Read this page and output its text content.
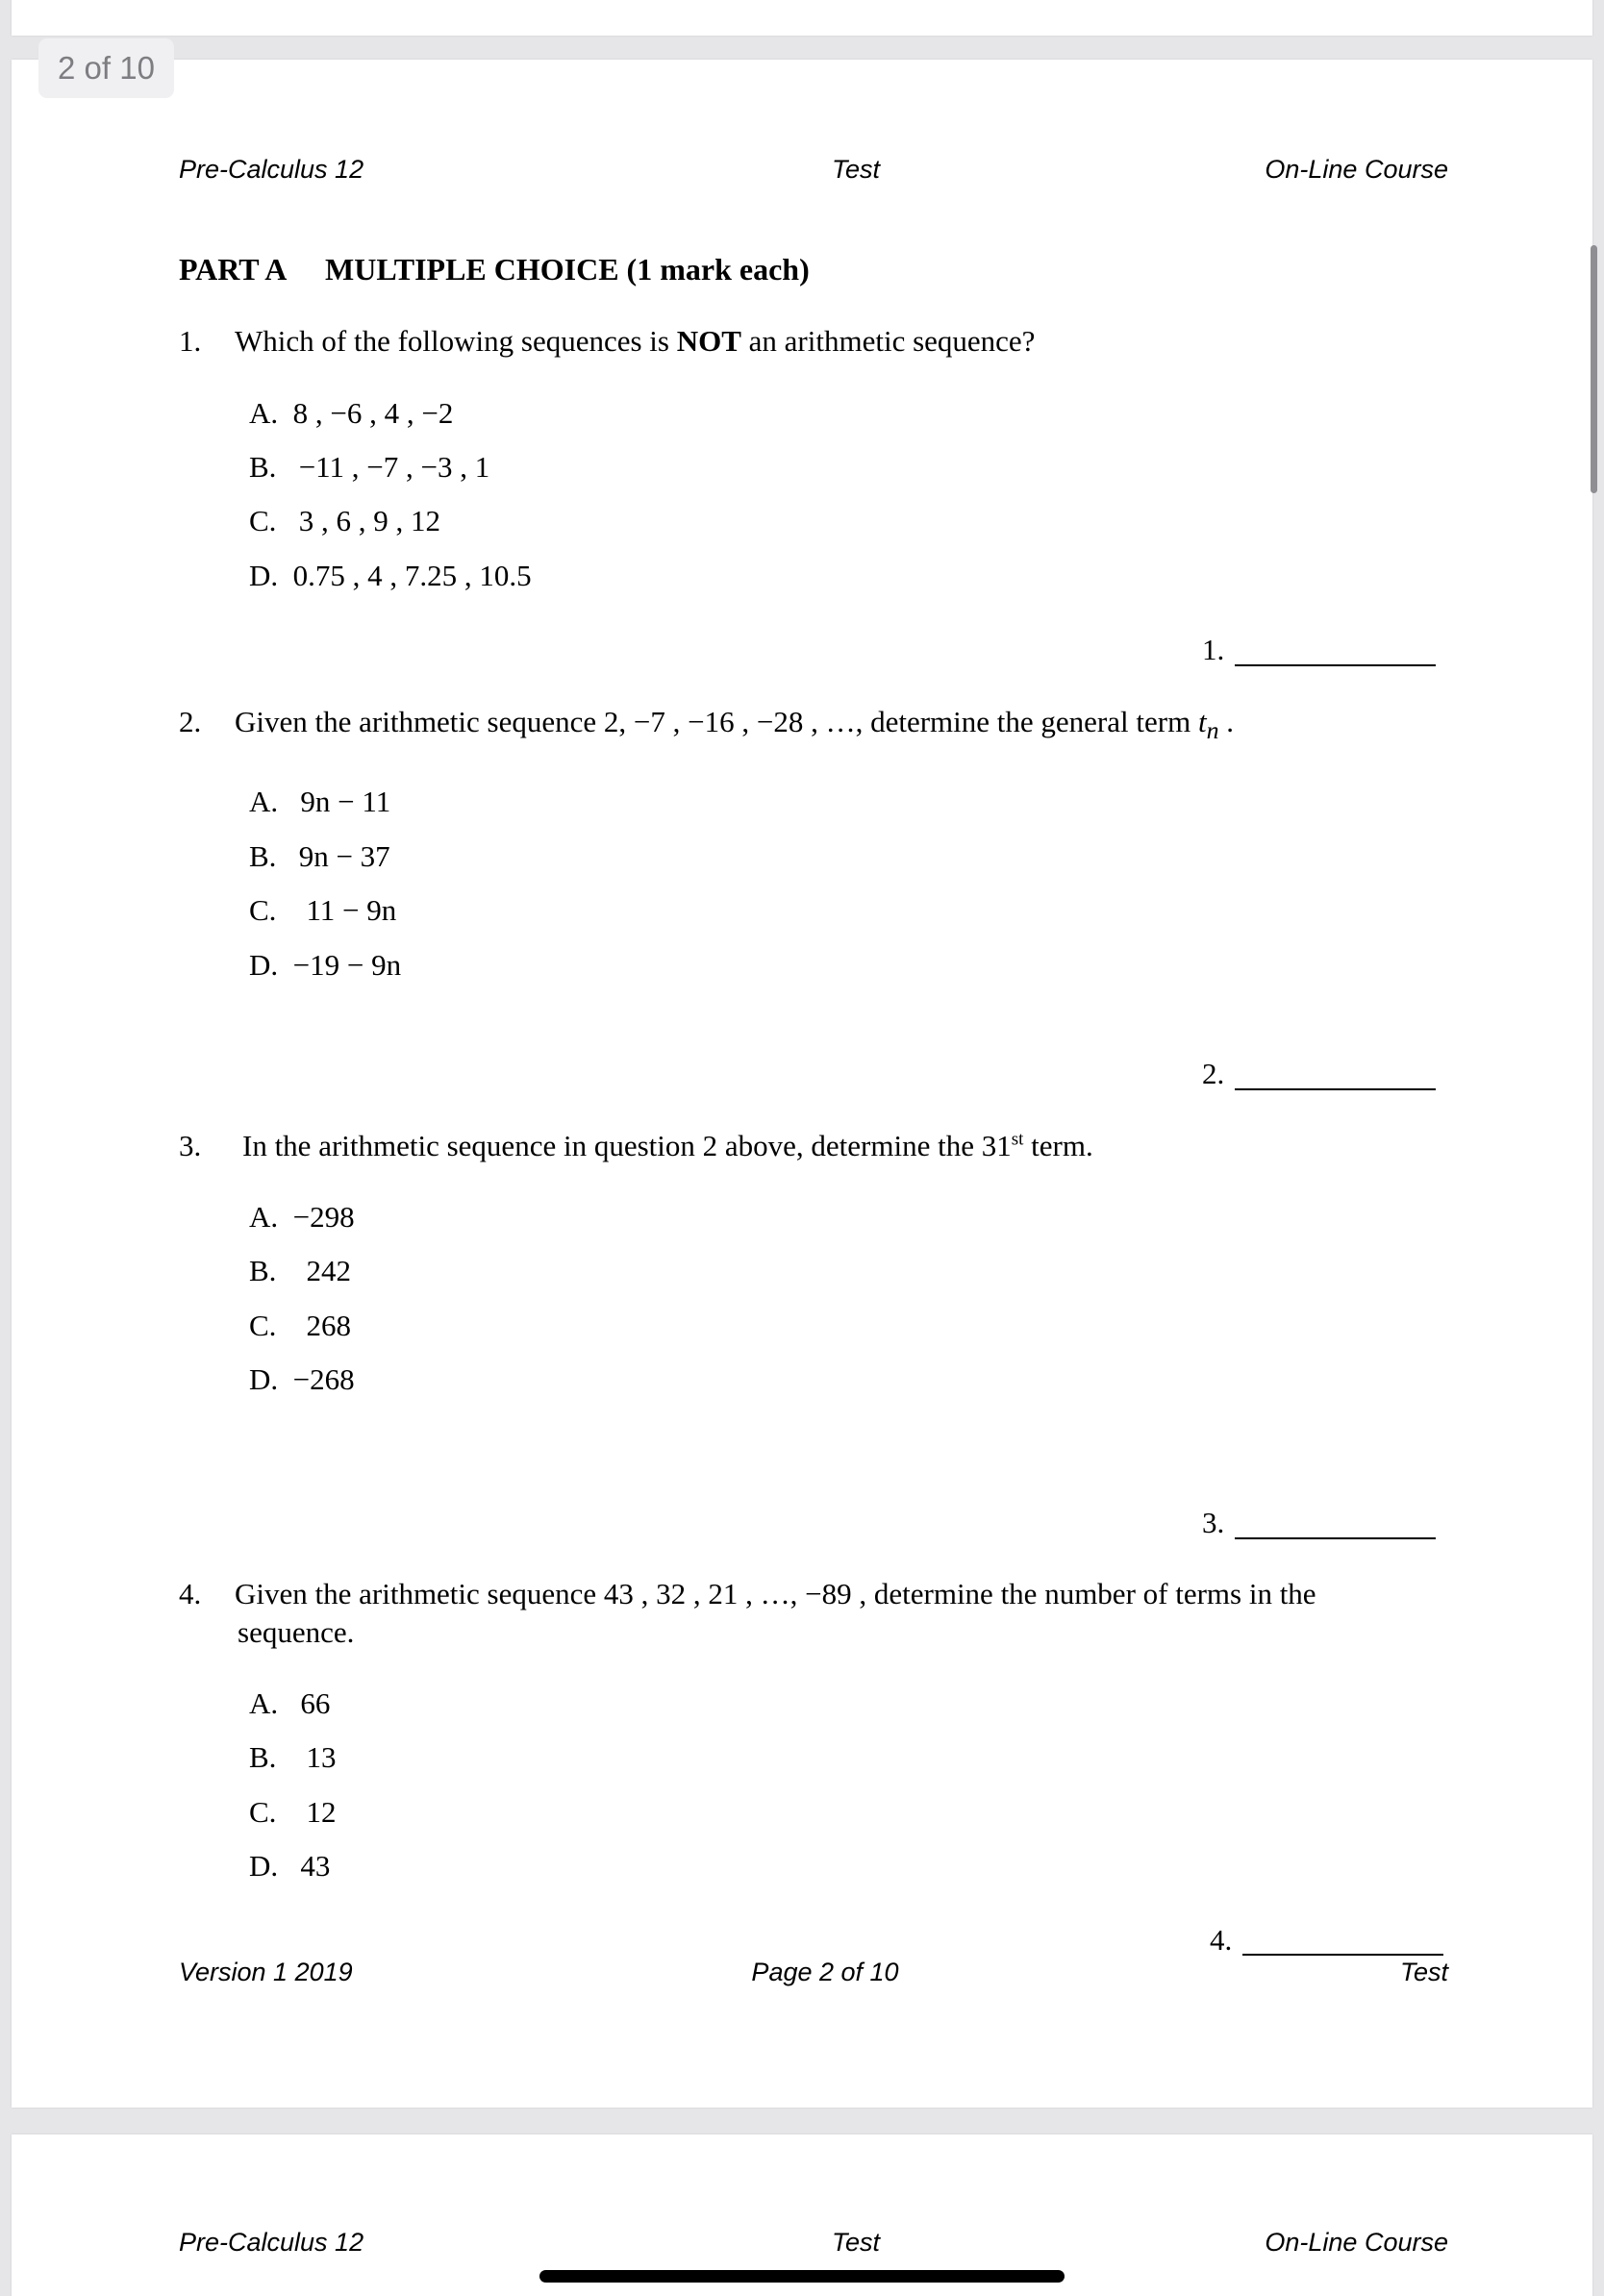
2 of 10
Pre-Calculus 12	Test	On-Line Course
PART A MULTIPLE CHOICE (1 mark each)
1. Which of the following sequences is NOT an arithmetic sequence?
A. 8 , −6 , 4 , −2
B. −11 , −7 , −3 , 1
C. 3 , 6 , 9 , 12
D. 0.75 , 4 , 7.25 , 10.5
1.
2. Given the arithmetic sequence 2, −7 , −16 , −28 , …, determine the general term $t_n$ .
A. 9n − 11
B. 9n − 37
C. 11 − 9n
D. −19 − 9n
2.
3. In the arithmetic sequence in question 2 above, determine the 31st term.
A. −298
B. 242
C. 268
D. −268
3.
4. Given the arithmetic sequence 43 , 32 , 21 , …, −89 , determine the number of terms in the
sequence.
A. 66
B. 13
C. 12
D. 43
4.
Version 1 2019	Page 2 of 10	Test
Pre-Calculus 12	Test	On-Line Course
